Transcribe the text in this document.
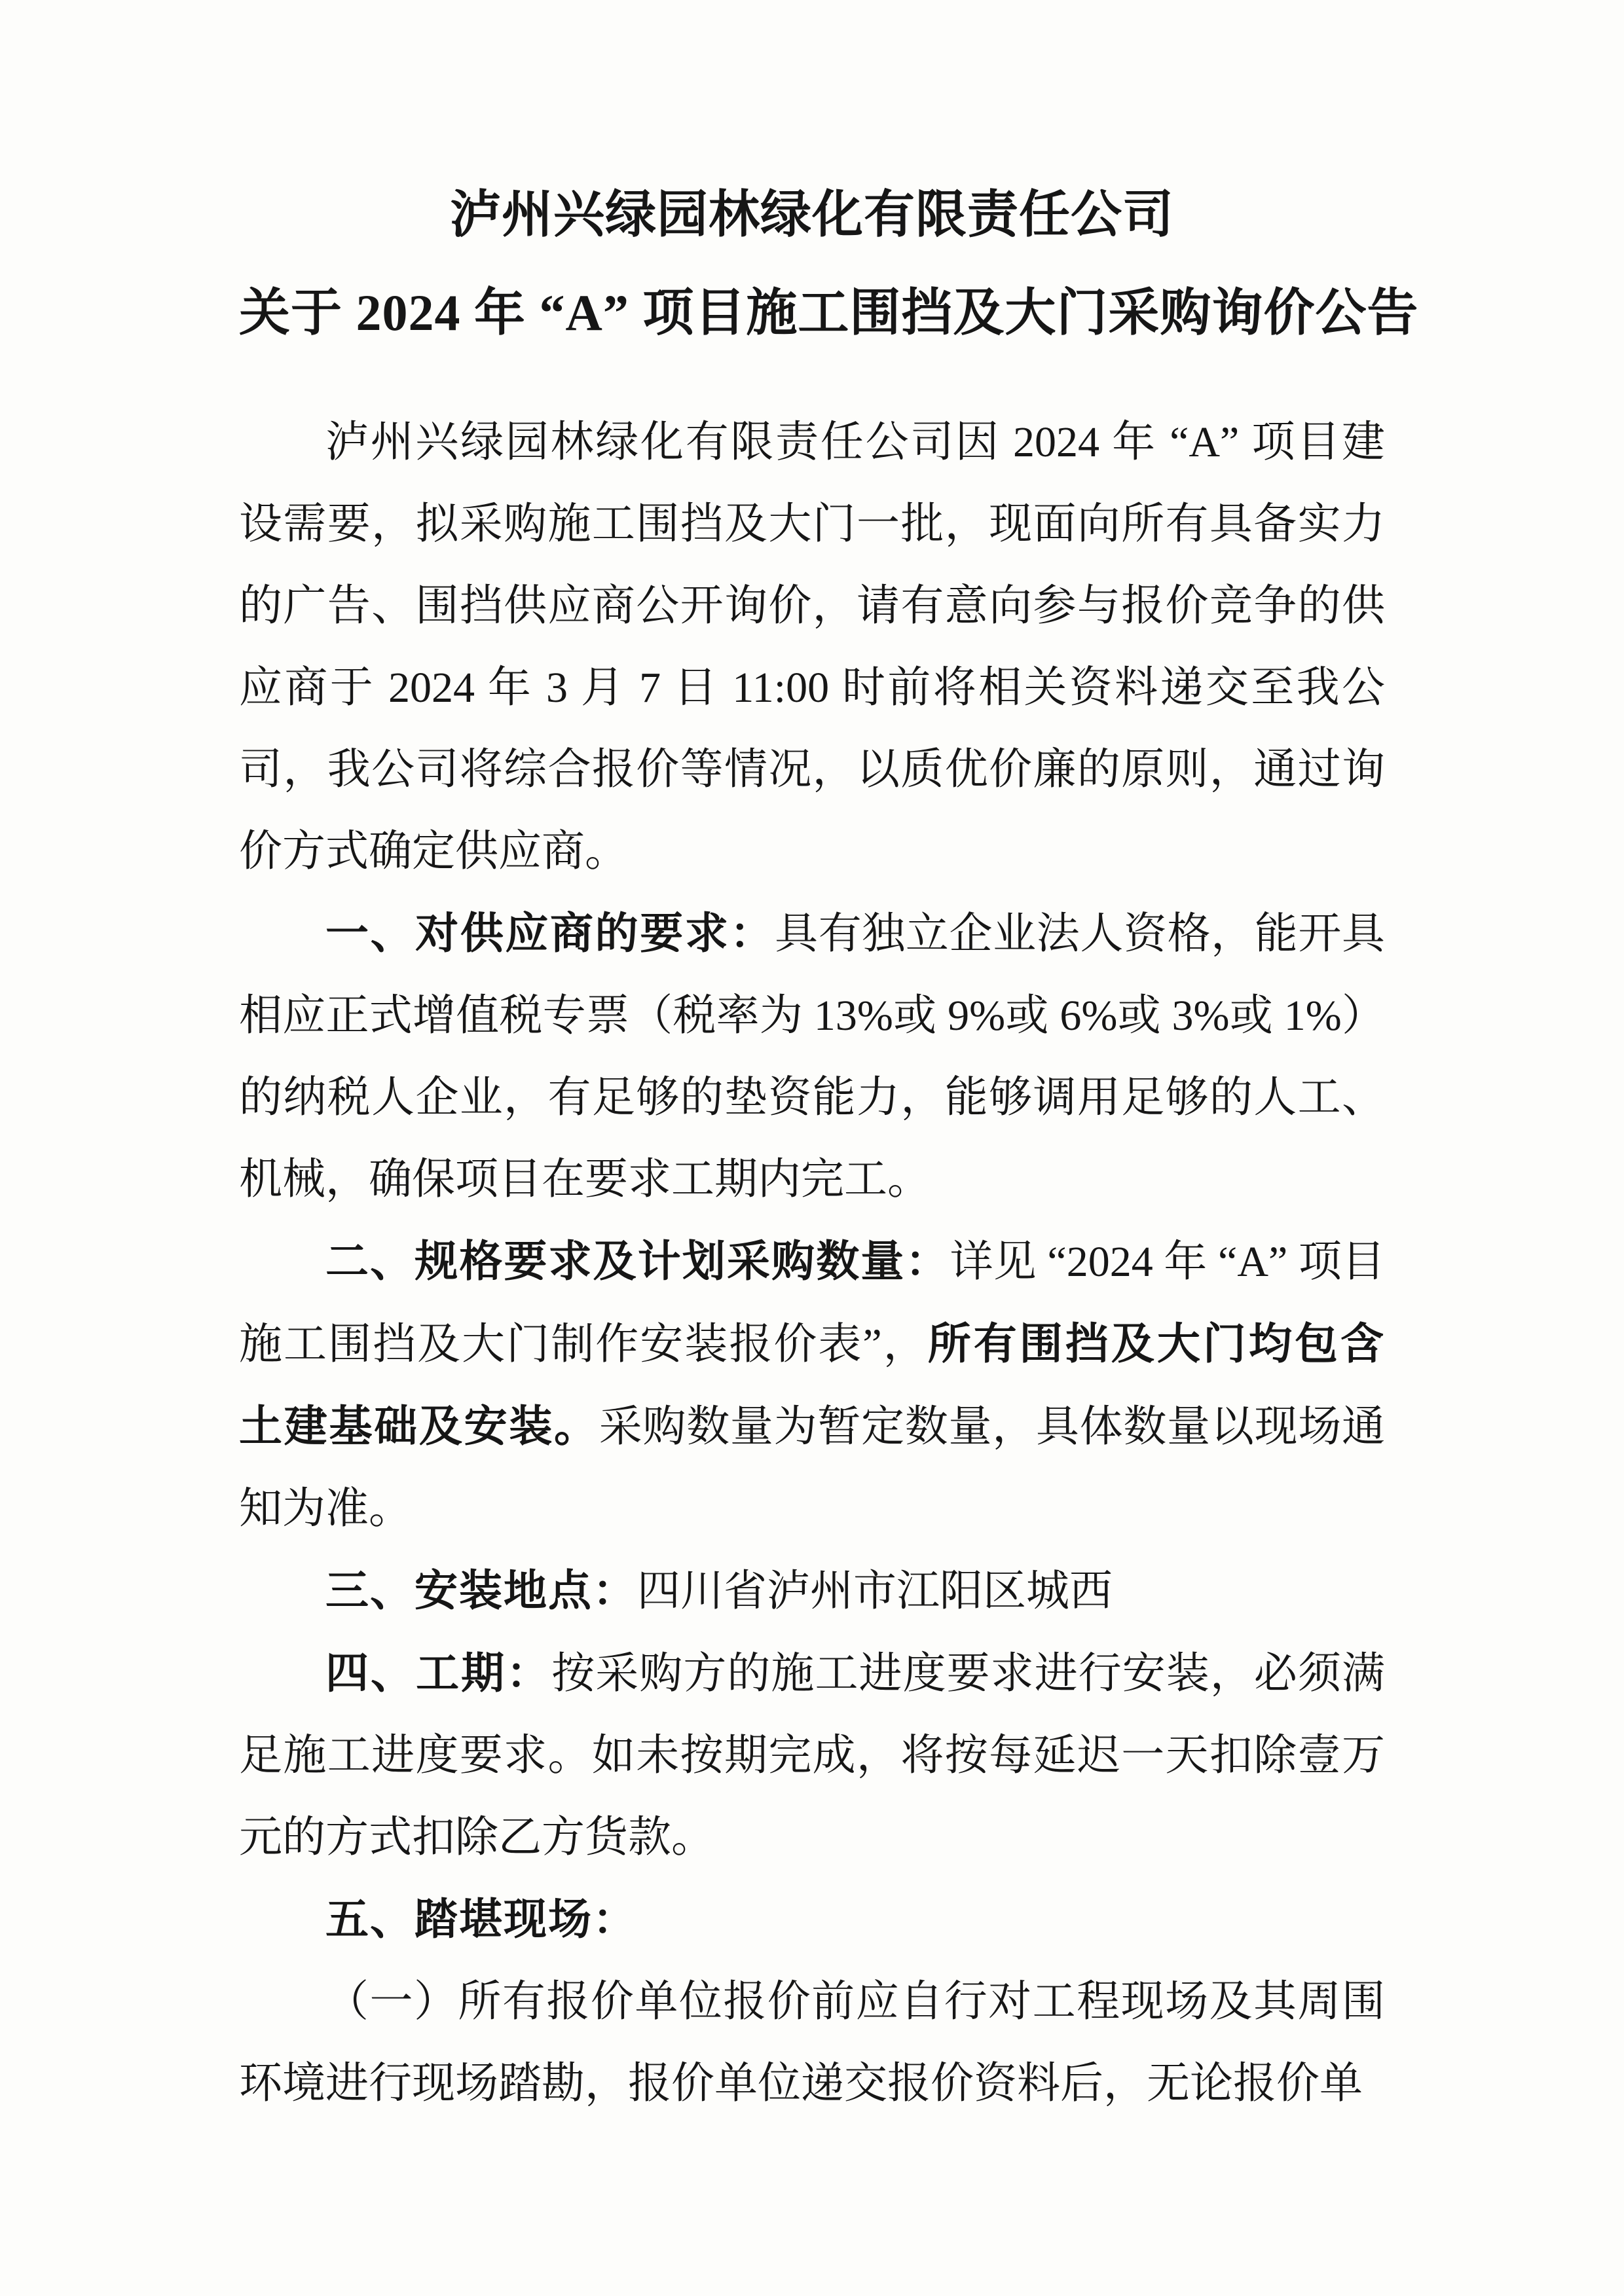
泸州兴绿园林绿化有限责任公司
关于 2024 年 “A” 项目施工围挡及大门采购询价公告

泸州兴绿园林绿化有限责任公司因 2024 年 “A” 项目建设需要，拟采购施工围挡及大门一批，现面向所有具备实力的广告、围挡供应商公开询价，请有意向参与报价竞争的供应商于 2024 年 3 月 7 日 11:00 时前将相关资料递交至我公司，我公司将综合报价等情况，以质优价廉的原则，通过询价方式确定供应商。

一、对供应商的要求：具有独立企业法人资格，能开具相应正式增值税专票（税率为 13%或 9%或 6%或 3%或 1%）的纳税人企业，有足够的垫资能力，能够调用足够的人工、机械，确保项目在要求工期内完工。

二、规格要求及计划采购数量：详见 “2024 年 “A” 项目施工围挡及大门制作安装报价表”，所有围挡及大门均包含土建基础及安装。采购数量为暂定数量，具体数量以现场通知为准。

三、安装地点：四川省泸州市江阳区城西

四、工期：按采购方的施工进度要求进行安装，必须满足施工进度要求。如未按期完成，将按每延迟一天扣除壹万元的方式扣除乙方货款。

五、踏堪现场：

（一）所有报价单位报价前应自行对工程现场及其周围环境进行现场踏勘，报价单位递交报价资料后，无论报价单
